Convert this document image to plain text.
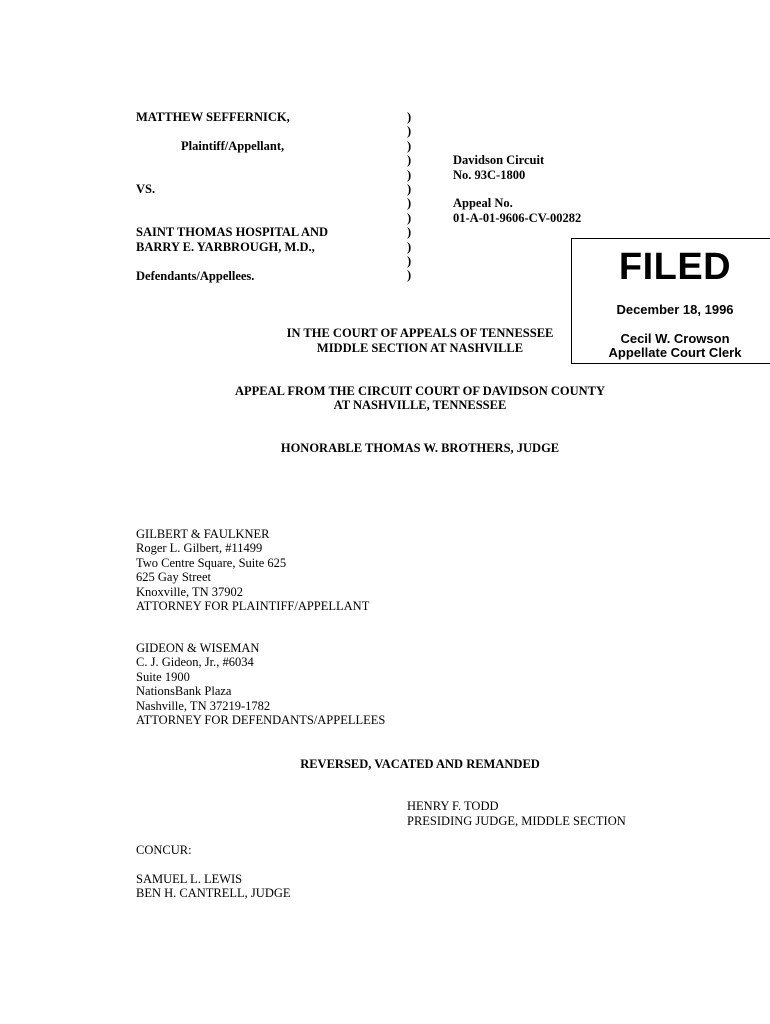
MATTHEW SEFFERNICK,
Plaintiff/Appellant,
VS.
SAINT THOMAS HOSPITAL AND
BARRY E. YARBROUGH, M.D.,
Defendants/Appellees.
)
)
)
)
)
)
)
)
)
)
)
)
Davidson Circuit
No. 93C-1800
Appeal No.
01-A-01-9606-CV-00282
FILED
December 18, 1996
Cecil W. Crowson
Appellate Court Clerk
IN THE COURT OF APPEALS OF TENNESSEE
MIDDLE SECTION AT NASHVILLE
APPEAL FROM THE CIRCUIT COURT OF DAVIDSON COUNTY
AT NASHVILLE, TENNESSEE
HONORABLE THOMAS W. BROTHERS, JUDGE
GILBERT & FAULKNER
Roger L. Gilbert, #11499
Two Centre Square, Suite 625
625 Gay Street
Knoxville, TN 37902
ATTORNEY FOR PLAINTIFF/APPELLANT
GIDEON & WISEMAN
C. J. Gideon, Jr., #6034
Suite 1900
NationsBank Plaza
Nashville, TN 37219-1782
ATTORNEY FOR DEFENDANTS/APPELLEES
REVERSED, VACATED AND REMANDED
HENRY F. TODD
PRESIDING JUDGE, MIDDLE SECTION
CONCUR:
SAMUEL L. LEWIS
BEN H. CANTRELL, JUDGE
